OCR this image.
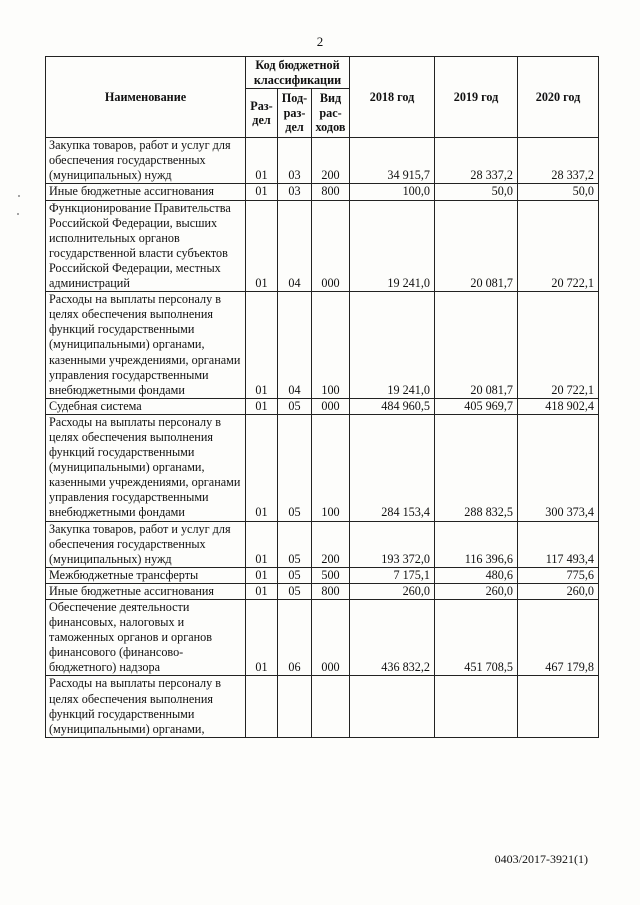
2
Наименование	Код бюджетной классификации			2018 год	2019 год	2020 год
	Раз-дел	Под-раз-дел	Вид рас-ходов			
Закупка товаров, работ и услуг для обеспечения государственных (муниципальных) нужд	01	03	200	34 915,7	28 337,2	28 337,2
Иные бюджетные ассигнования	01	03	800	100,0	50,0	50,0
Функционирование Правительства Российской Федерации, высших исполнительных органов государственной власти субъектов Российской Федерации, местных администраций	01	04	000	19 241,0	20 081,7	20 722,1
Расходы на выплаты персоналу в целях обеспечения выполнения функций государственными (муниципальными) органами, казенными учреждениями, органами управления государственными внебюджетными фондами	01	04	100	19 241,0	20 081,7	20 722,1
Судебная система	01	05	000	484 960,5	405 969,7	418 902,4
Расходы на выплаты персоналу в целях обеспечения выполнения функций государственными (муниципальными) органами, казенными учреждениями, органами управления государственными внебюджетными фондами	01	05	100	284 153,4	288 832,5	300 373,4
Закупка товаров, работ и услуг для обеспечения государственных (муниципальных) нужд	01	05	200	193 372,0	116 396,6	117 493,4
Межбюджетные трансферты	01	05	500	7 175,1	480,6	775,6
Иные бюджетные ассигнования	01	05	800	260,0	260,0	260,0
Обеспечение деятельности финансовых, налоговых и таможенных органов и органов финансового (финансово-бюджетного) надзора	01	06	000	436 832,2	451 708,5	467 179,8
Расходы на выплаты персоналу в целях обеспечения выполнения функций государственными (муниципальными) органами,						
0403/2017-3921(1)
